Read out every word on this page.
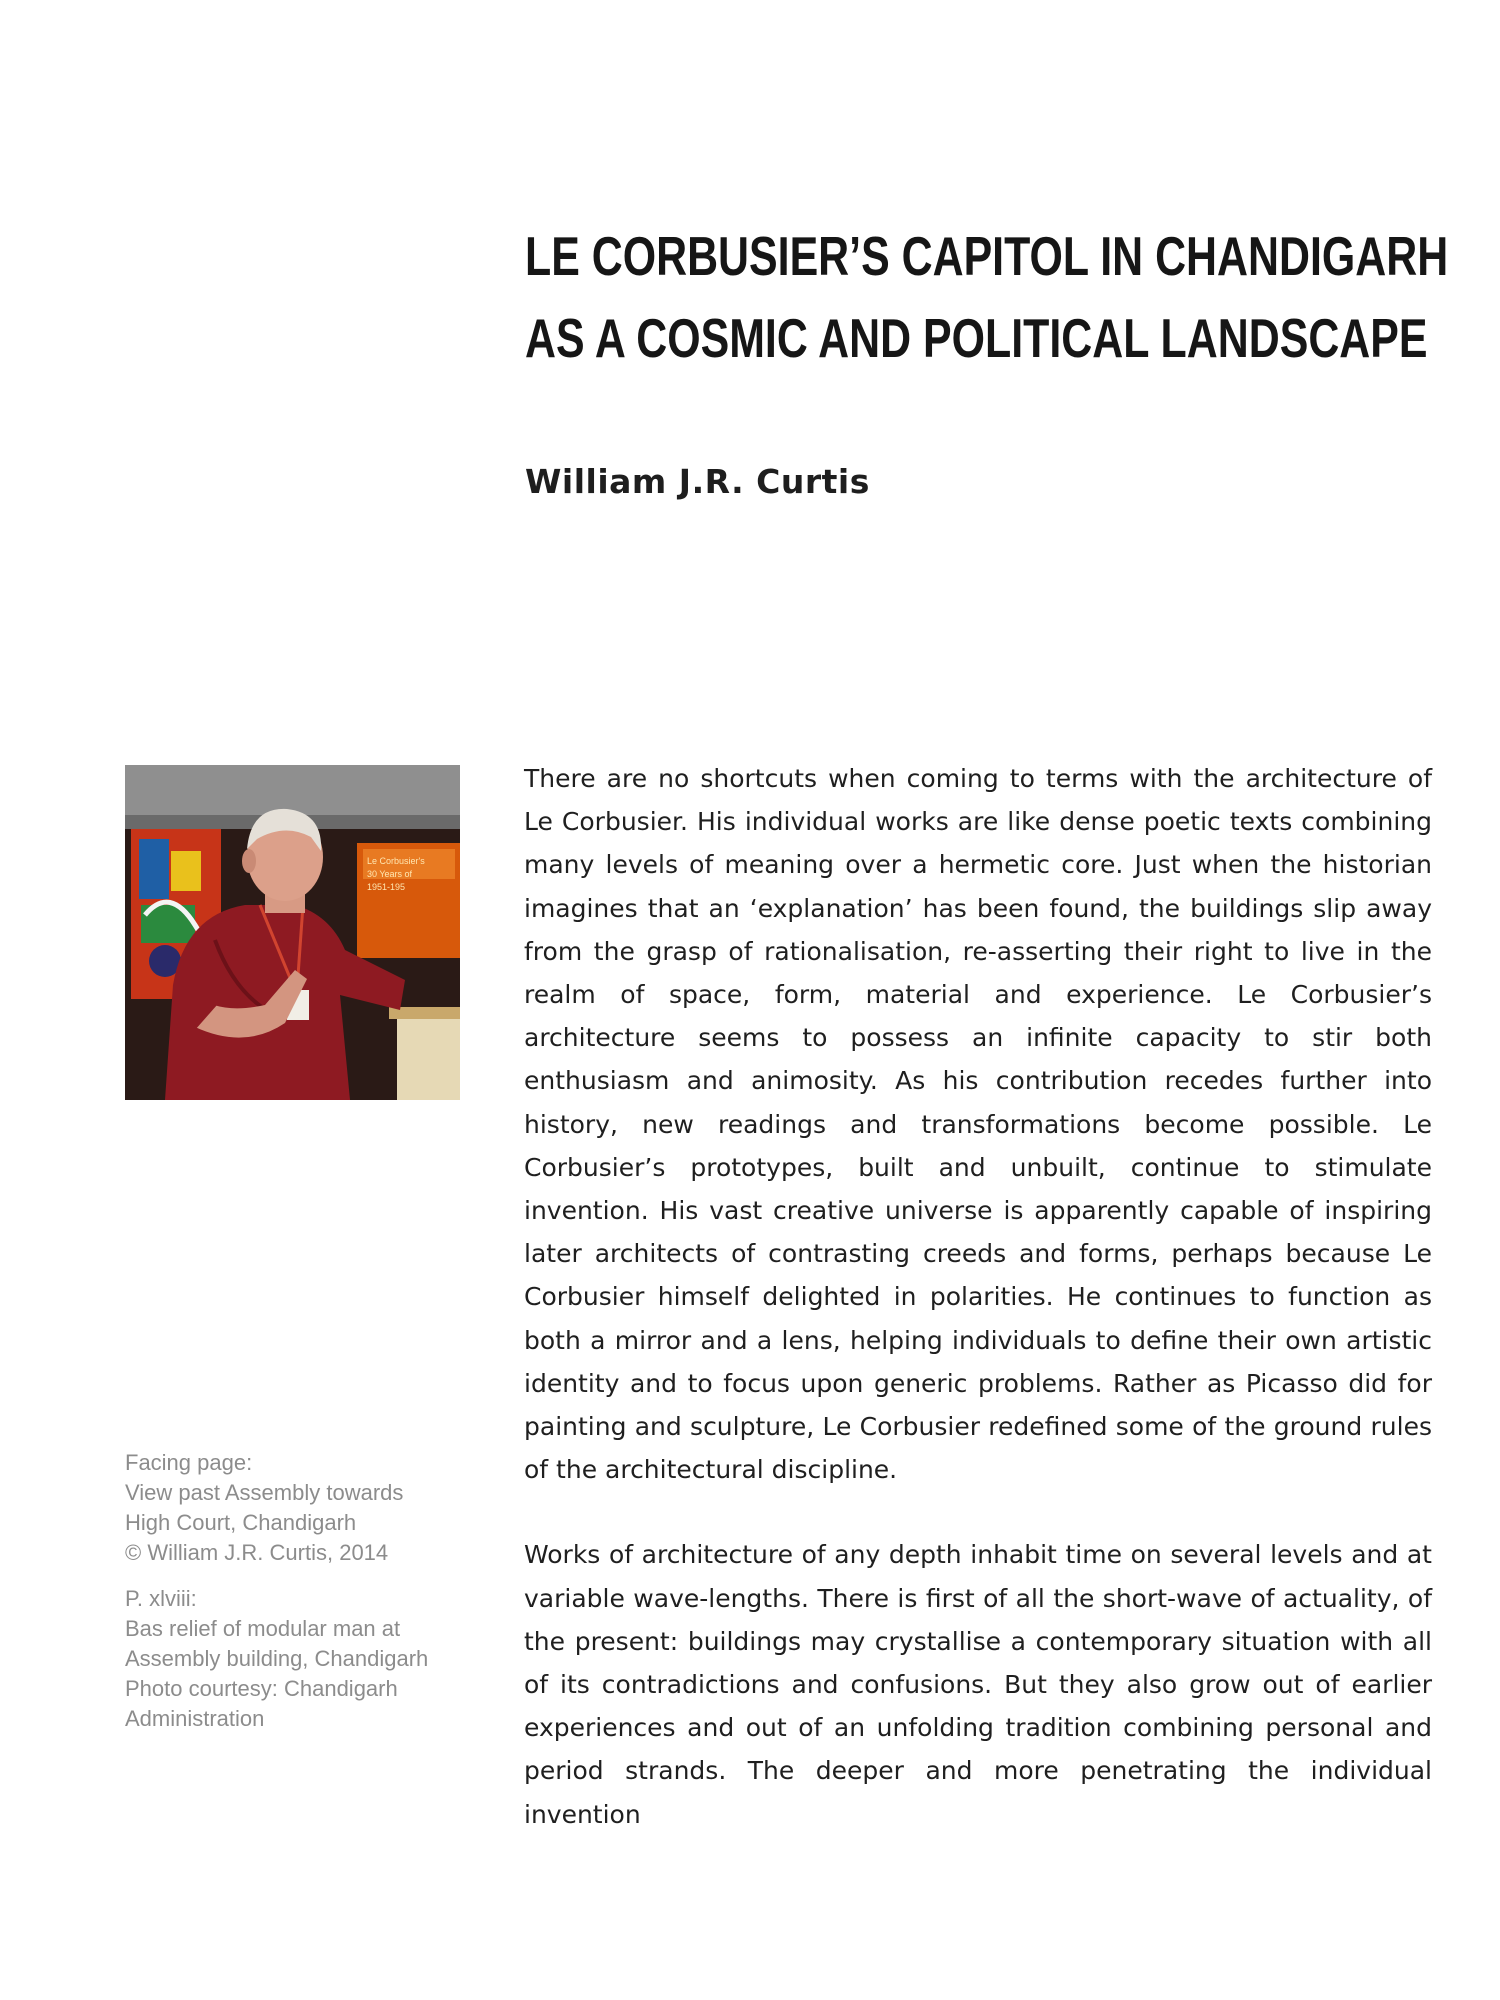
LE CORBUSIER’S CAPITOL IN CHANDIGARH
AS A COSMIC AND POLITICAL LANDSCAPE
William J.R. Curtis
Le Corbusier's
30 Years of
1951-195

There are no shortcuts when coming to terms with the architecture of Le Corbusier. His individual works are like dense poetic texts combining many levels of meaning over a hermetic core. Just when the historian imagines that an ‘explanation’ has been found, the buildings slip away from the grasp of rationalisation, re-asserting their right to live in the realm of space, form, material and experience. Le Corbusier’s architecture seems to possess an infinite capacity to stir both enthusiasm and animosity. As his contribution recedes further into history, new readings and transformations become possible. Le Corbusier’s prototypes, built and unbuilt, continue to stimulate invention. His vast creative universe is apparently capable of inspiring later architects of contrasting creeds and forms, perhaps because Le Corbusier himself delighted in polarities. He continues to function as both a mirror and a lens, helping individuals to define their own artistic identity and to focus upon generic problems. Rather as Picasso did for painting and sculpture, Le Corbusier redefined some of the ground rules of the architectural discipline.

Works of architecture of any depth inhabit time on several levels and at variable wave-lengths. There is first of all the short-wave of actuality, of the present: buildings may crystallise a contemporary situation with all of its contradictions and confusions. But they also grow out of earlier experiences and out of an unfolding tradition combining personal and period strands. The deeper and more penetrating the individual invention

Facing page:
View past Assembly towards
High Court, Chandigarh
© William J.R. Curtis, 2014
P. xlviii:
Bas relief of modular man at
Assembly building, Chandigarh
Photo courtesy: Chandigarh
Administration
